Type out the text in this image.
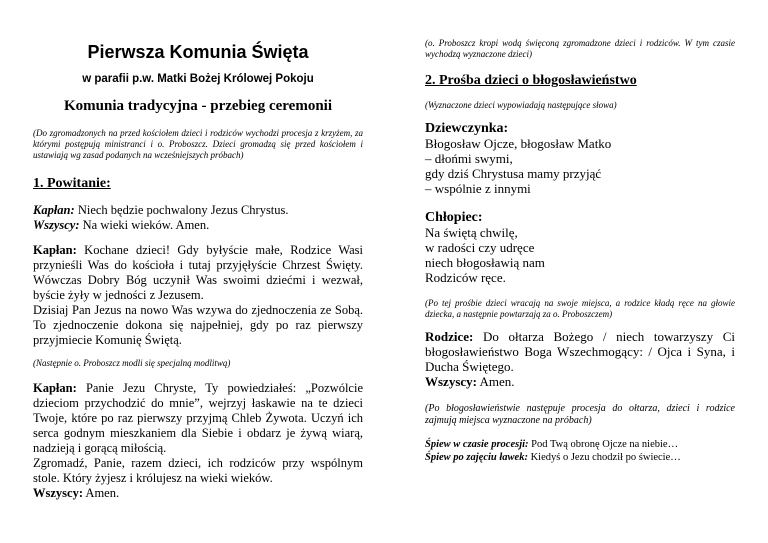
Pierwsza Komunia Święta
w parafii p.w. Matki Bożej Królowej Pokoju
Komunia tradycyjna - przebieg ceremonii

(Do zgromadzonych na przed kościołem dzieci i rodziców wychodzi procesja z krzyżem, za którymi postępują ministranci i o. Proboszcz. Dzieci gromadzą się przed kościołem i ustawiają wg zasad podanych na wcześniejszych próbach)

1. Powitanie:

Kapłan: Niech będzie pochwalony Jezus Chrystus.

Wszyscy: Na wieki wieków. Amen.

Kapłan: Kochane dzieci! Gdy byłyście małe, Rodzice Wasi przynieśli Was do kościoła i tutaj przyjęłyście Chrzest Święty. Wówczas Dobry Bóg uczynił Was swoimi dziećmi i wezwał, byście żyły w jedności z Jezusem.

Dzisiaj Pan Jezus na nowo Was wzywa do zjednoczenia ze Sobą. To zjednoczenie dokona się najpełniej, gdy po raz pierwszy przyjmiecie Komunię Świętą.

(Następnie o. Proboszcz modli się specjalną modlitwą)

Kapłan: Panie Jezu Chryste, Ty powiedziałeś: „Pozwólcie dzieciom przychodzić do mnie”, wejrzyj łaskawie na te dzieci Twoje, które po raz pierwszy przyjmą Chleb Żywota. Uczyń ich serca godnym mieszkaniem dla Siebie i obdarz je żywą wiarą, nadzieją i gorącą miłością.

Zgromadź, Panie, razem dzieci, ich rodziców przy wspólnym stole. Który żyjesz i królujesz na wieki wieków.

Wszyscy: Amen.

(o. Proboszcz kropi wodą święconą zgromadzone dzieci i rodziców. W tym czasie wychodzą wyznaczone dzieci)

2. Prośba dzieci o błogosławieństwo

(Wyznaczone dzieci wypowiadają następujące słowa)

Dziewczynka:

Błogosław Ojcze, błogosław Matko

– dłońmi swymi,

gdy dziś Chrystusa mamy przyjąć

– wspólnie z innymi

Chłopiec:

Na świętą chwilę,

w radości czy udręce

niech błogosławią nam

Rodziców ręce.

(Po tej prośbie dzieci wracają na swoje miejsca, a rodzice kładą ręce na głowie dziecka, a następnie powtarzają za o. Proboszczem)

Rodzice: Do ołtarza Bożego / niech towarzyszy Ci błogosławieństwo Boga Wszechmogący: / Ojca i Syna, i Ducha Świętego.

Wszyscy: Amen.

(Po błogosławieństwie następuje procesja do ołtarza, dzieci i rodzice zajmują miejsca wyznaczone na próbach)

Śpiew w czasie procesji: Pod Twą obronę Ojcze na niebie…

Śpiew po zajęciu ławek: Kiedyś o Jezu chodził po świecie…
